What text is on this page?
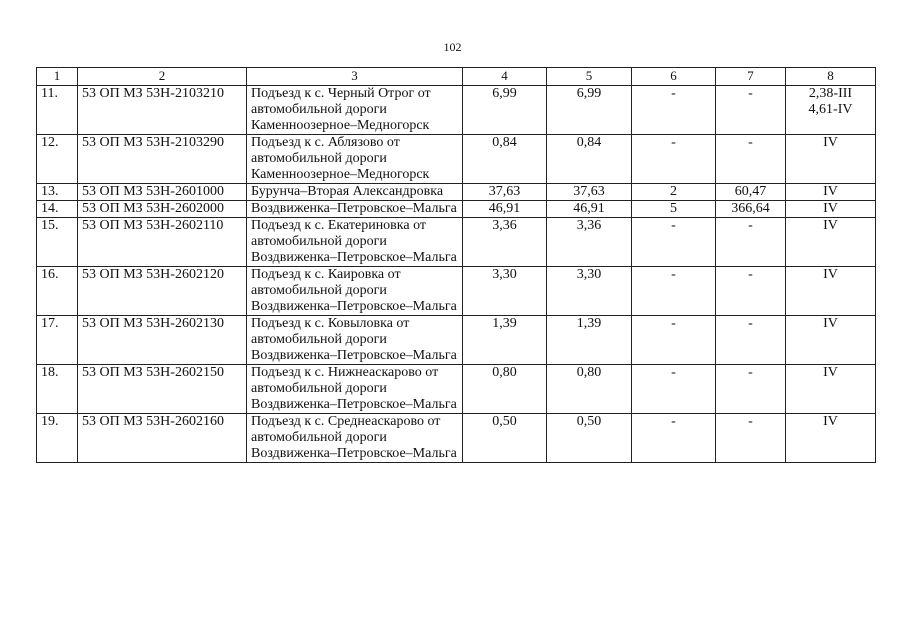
102
1	2	3	4	5	6	7	8
11.	53 ОП МЗ 53Н-2103210	Подъезд к с. Черный Отрог от автомобильной дороги Каменноозерное–Медногорск	6,99	6,99	-	-	2,38-III
4,61-IV
12.	53 ОП МЗ 53Н-2103290	Подъезд к с. Аблязово от автомобильной дороги Каменноозерное–Медногорск	0,84	0,84	-	-	IV
13.	53 ОП МЗ 53Н-2601000	Бурунча–Вторая Александровка	37,63	37,63	2	60,47	IV
14.	53 ОП МЗ 53Н-2602000	Воздвиженка–Петровское–Мальга	46,91	46,91	5	366,64	IV
15.	53 ОП МЗ 53Н-2602110	Подъезд к с. Екатериновка от автомобильной дороги Воздвиженка–Петровское–Мальга	3,36	3,36	-	-	IV
16.	53 ОП МЗ 53Н-2602120	Подъезд к с. Каировка от автомобильной дороги Воздвиженка–Петровское–Мальга	3,30	3,30	-	-	IV
17.	53 ОП МЗ 53Н-2602130	Подъезд к с. Ковыловка от автомобильной дороги Воздвиженка–Петровское–Мальга	1,39	1,39	-	-	IV
18.	53 ОП МЗ 53Н-2602150	Подъезд к с. Нижнеаскарово от автомобильной дороги Воздвиженка–Петровское–Мальга	0,80	0,80	-	-	IV
19.	53 ОП МЗ 53Н-2602160	Подъезд к с. Среднеаскарово от автомобильной дороги Воздвиженка–Петровское–Мальга	0,50	0,50	-	-	IV
